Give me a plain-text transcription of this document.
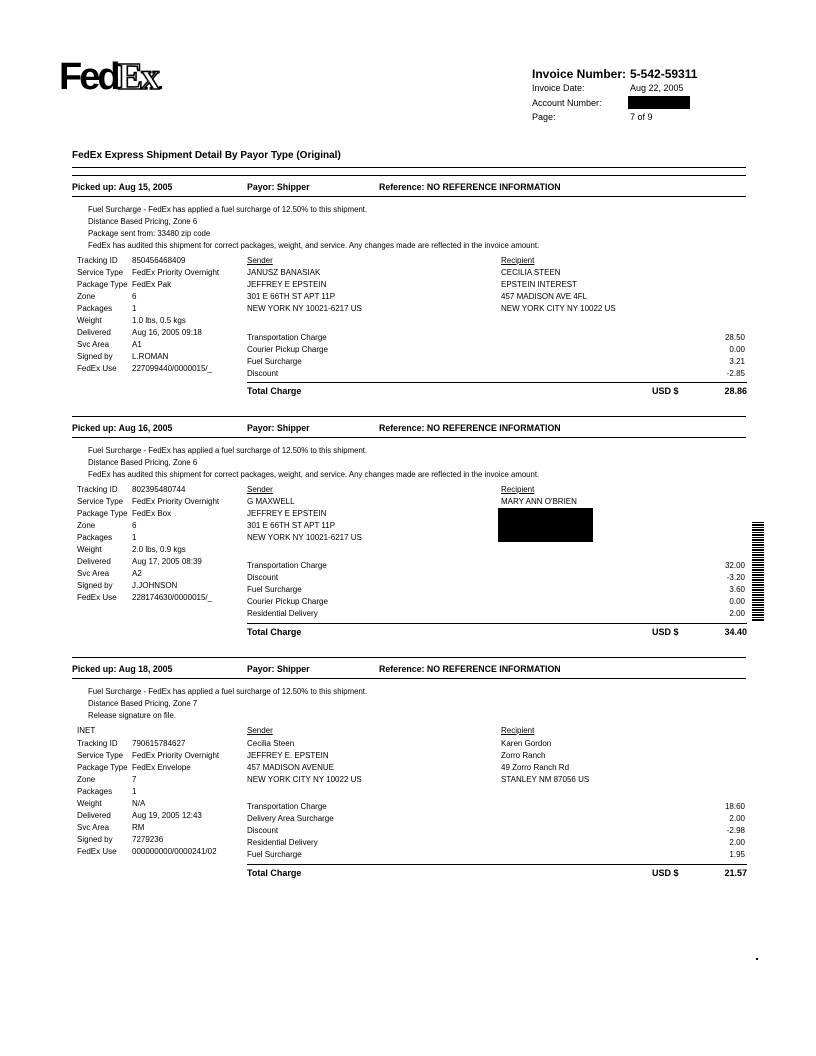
FedEx.	Invoice Number: 5-542-59311
Invoice Date:	Aug 22, 2005
Account Number:
Page:	7 of 9
FedEx Express Shipment Detail By Payor Type (Original)
Picked up: Aug 15, 2005	Payor: Shipper	Reference: NO REFERENCE INFORMATION
Fuel Surcharge - FedEx has applied a fuel surcharge of 12.50% to this shipment.
Distance Based Pricing, Zone 6
Package sent from: 33480 zip code
FedEx has audited this shipment for correct packages, weight, and service. Any changes made are reflected in the invoice amount.
Tracking ID 850456468409
Service Type FedEx Priority Overnight
Package Type FedEx Pak
Zone	6
Packages 1
Weight	1.0 lbs, 0.5 kgs
Delivered	Aug 16, 2005 09:18
Svc Area	A1
Signed by L.ROMAN
FedEx Use 227099440/0000015/_
Sender
JANUSZ BANASIAK
JEFFREY E EPSTEIN
301 E 66TH ST APT 11P
NEW YORK NY 10021-6217 US
Recipient
CECILIA STEEN
EPSTEIN INTEREST
457 MADISON AVE 4FL
NEW YORK CITY NY 10022 US
Transportation Charge	28.50
Courier Pickup Charge	0.00
Fuel Surcharge	3.21
Discount	-2.85
Total Charge	USD $	28.86
Picked up: Aug 16, 2005	Payor: Shipper	Reference: NO REFERENCE INFORMATION
Fuel Surcharge - FedEx has applied a fuel surcharge of 12.50% to this shipment.
Distance Based Pricing, Zone 6
FedEx has audited this shipment for correct packages, weight, and service. Any changes made are reflected in the invoice amount.
Tracking ID 802395480744
Service Type FedEx Priority Overnight
Package Type FedEx Box
Zone	6
Packages 1
Weight	2.0 lbs, 0.9 kgs
Delivered	Aug 17, 2005 08:39
Svc Area	A2
Signed by J.JOHNSON
FedEx Use 228174630/0000015/_
Sender
G MAXWELL
JEFFREY E EPSTEIN
301 E 66TH ST APT 11P
NEW YORK NY 10021-6217 US
Recipient
MARY ANN O'BRIEN
Transportation Charge	32.00
Discount	-3.20
Fuel Surcharge	3.60
Courier Pickup Charge	0.00
Residential Delivery	2.00
Total Charge	USD $	34.40
Picked up: Aug 18, 2005	Payor: Shipper	Reference: NO REFERENCE INFORMATION
Fuel Surcharge - FedEx has applied a fuel surcharge of 12.50% to this shipment.
Distance Based Pricing, Zone 7
Release signature on file.
INET
Tracking ID 790615784627
Service Type FedEx Priority Overnight
Package Type FedEx Envelope
Zone	7
Packages 1
Weight	N/A
Delivered	Aug 19, 2005 12:43
Svc Area	RM
Signed by 7279236
FedEx Use 000000000/0000241/02
Sender
Cecilia Steen
JEFFREY E. EPSTEIN
457 MADISON AVENUE
NEW YORK CITY NY 10022 US
Recipient
Karen Gordon
Zorro Ranch
49 Zorro Ranch Rd
STANLEY NM 87056 US
Transportation Charge	18.60
Delivery Area Surcharge	2.00
Discount	-2.98
Residential Delivery	2.00
Fuel Surcharge	1.95
Total Charge	USD $	21.57
